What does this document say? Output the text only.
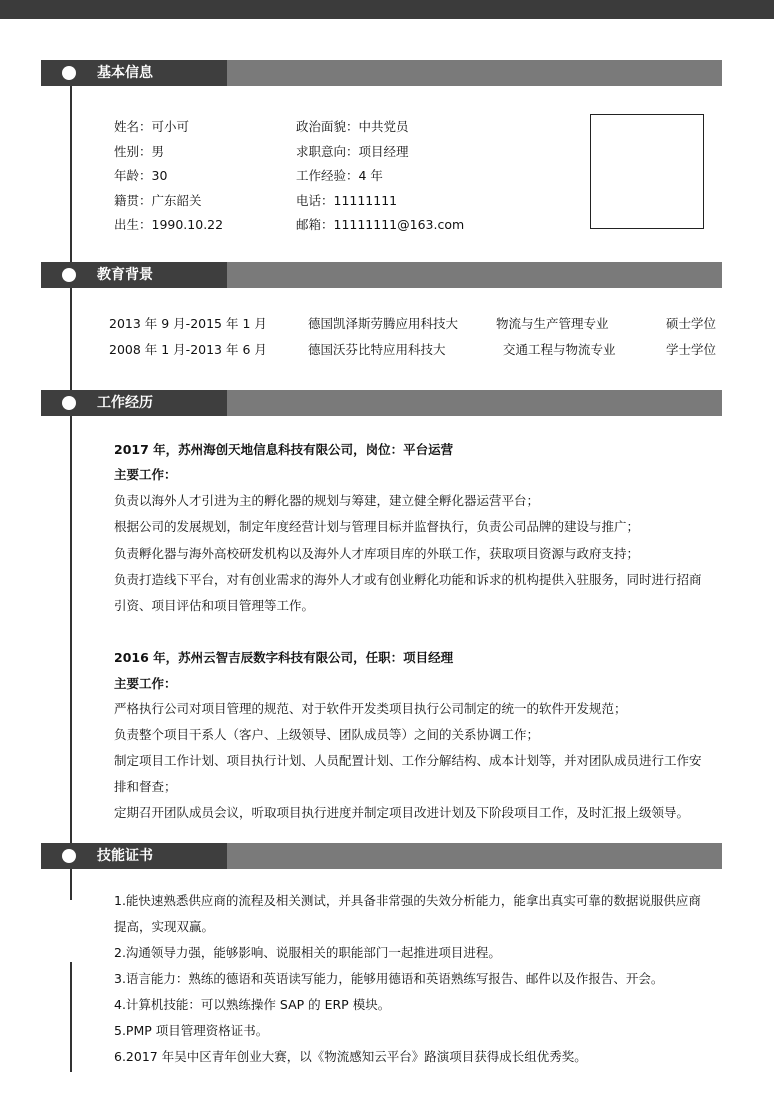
基本信息
姓名：可小可
性别：男
年龄：30
籍贯：广东韶关
出生：1990.10.22
政治面貌：中共党员
求职意向：项目经理
工作经验：4 年
电话：11111111
邮箱：11111111@163.com
教育背景
2013 年 9 月-2015 年 1 月	德国凯泽斯劳腾应用科技大	物流与生产管理专业	硕士学位
2008 年 1 月-2013 年 6 月	德国沃芬比特应用科技大	交通工程与物流专业	学士学位
工作经历
2017 年，苏州海创天地信息科技有限公司，岗位：平台运营
主要工作：
负责以海外人才引进为主的孵化器的规划与筹建，建立健全孵化器运营平台；
根据公司的发展规划，制定年度经营计划与管理目标并监督执行，负责公司品牌的建设与推广；
负责孵化器与海外高校研发机构以及海外人才库项目库的外联工作，获取项目资源与政府支持；
负责打造线下平台，对有创业需求的海外人才或有创业孵化功能和诉求的机构提供入驻服务，同时进行招商
引资、项目评估和项目管理等工作。
2016 年，苏州云智吉辰数字科技有限公司，任职：项目经理
主要工作：
严格执行公司对项目管理的规范、对于软件开发类项目执行公司制定的统一的软件开发规范；
负责整个项目干系人（客户、上级领导、团队成员等）之间的关系协调工作；
制定项目工作计划、项目执行计划、人员配置计划、工作分解结构、成本计划等，并对团队成员进行工作安
排和督查；
定期召开团队成员会议，听取项目执行进度并制定项目改进计划及下阶段项目工作，及时汇报上级领导。
技能证书
1.能快速熟悉供应商的流程及相关测试，并具备非常强的失效分析能力，能拿出真实可靠的数据说服供应商
提高，实现双赢。
2.沟通领导力强，能够影响、说服相关的职能部门一起推进项目进程。
3.语言能力：熟练的德语和英语读写能力，能够用德语和英语熟练写报告、邮件以及作报告、开会。
4.计算机技能：可以熟练操作 SAP 的 ERP 模块。
5.PMP 项目管理资格证书。
6.2017 年吴中区青年创业大赛，以《物流感知云平台》路演项目获得成长组优秀奖。
